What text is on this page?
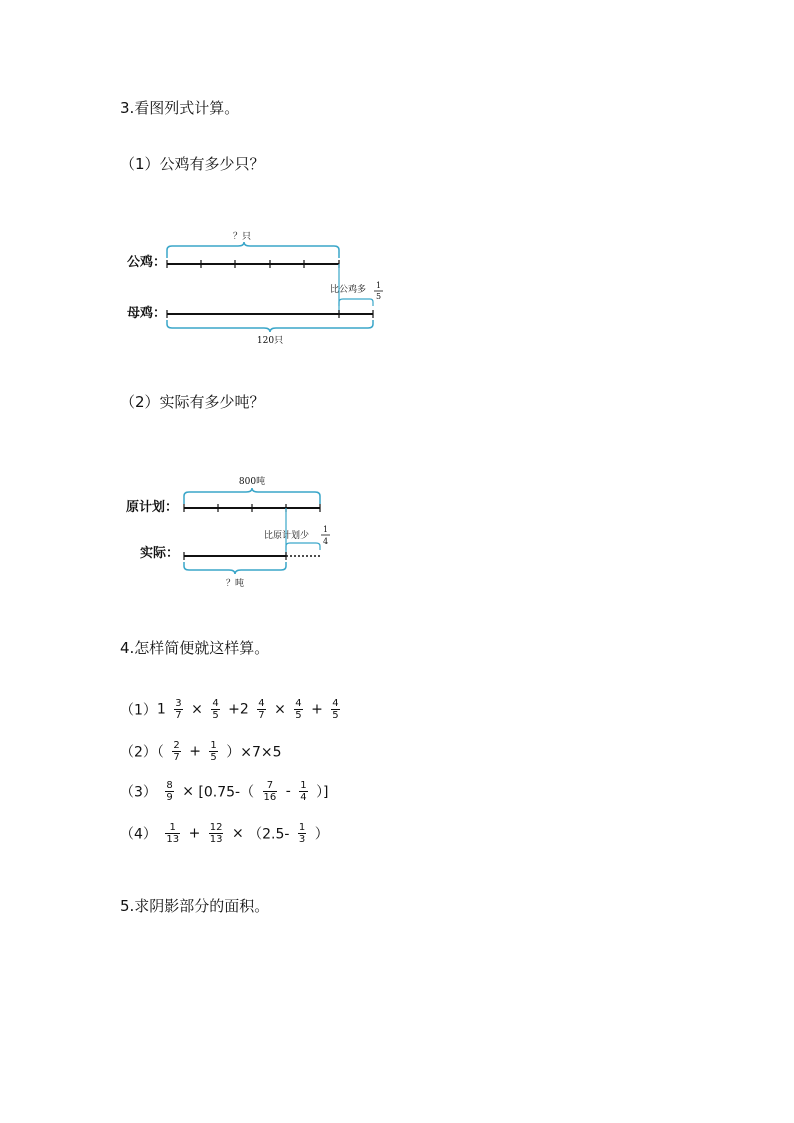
3.看图列式计算。
（1）公鸡有多少只？
？只
公鸡：
比公鸡多 1
5
母鸡：
120只
（2）实际有多少吨？
800吨
原计划：
比原计划少
1
4
实际：
？吨
4.怎样简便就这样算。
$(1)1 \frac{3}{7} \times \frac{4}{5} +2 \frac{4}{7} \times \frac{4}{5} + \frac{4}{5}$
$(2)( \frac{2}{7} + \frac{1}{5} )\times 7\times 5$
$(3) \frac{8}{9} \times [0.75-( \frac{7}{16} - \frac{1}{4}$ ）]
$(4) \frac{1}{13} + \frac{12}{13} \times (2.5- \frac{1}{3}$ ）
5.求阴影部分的面积。
